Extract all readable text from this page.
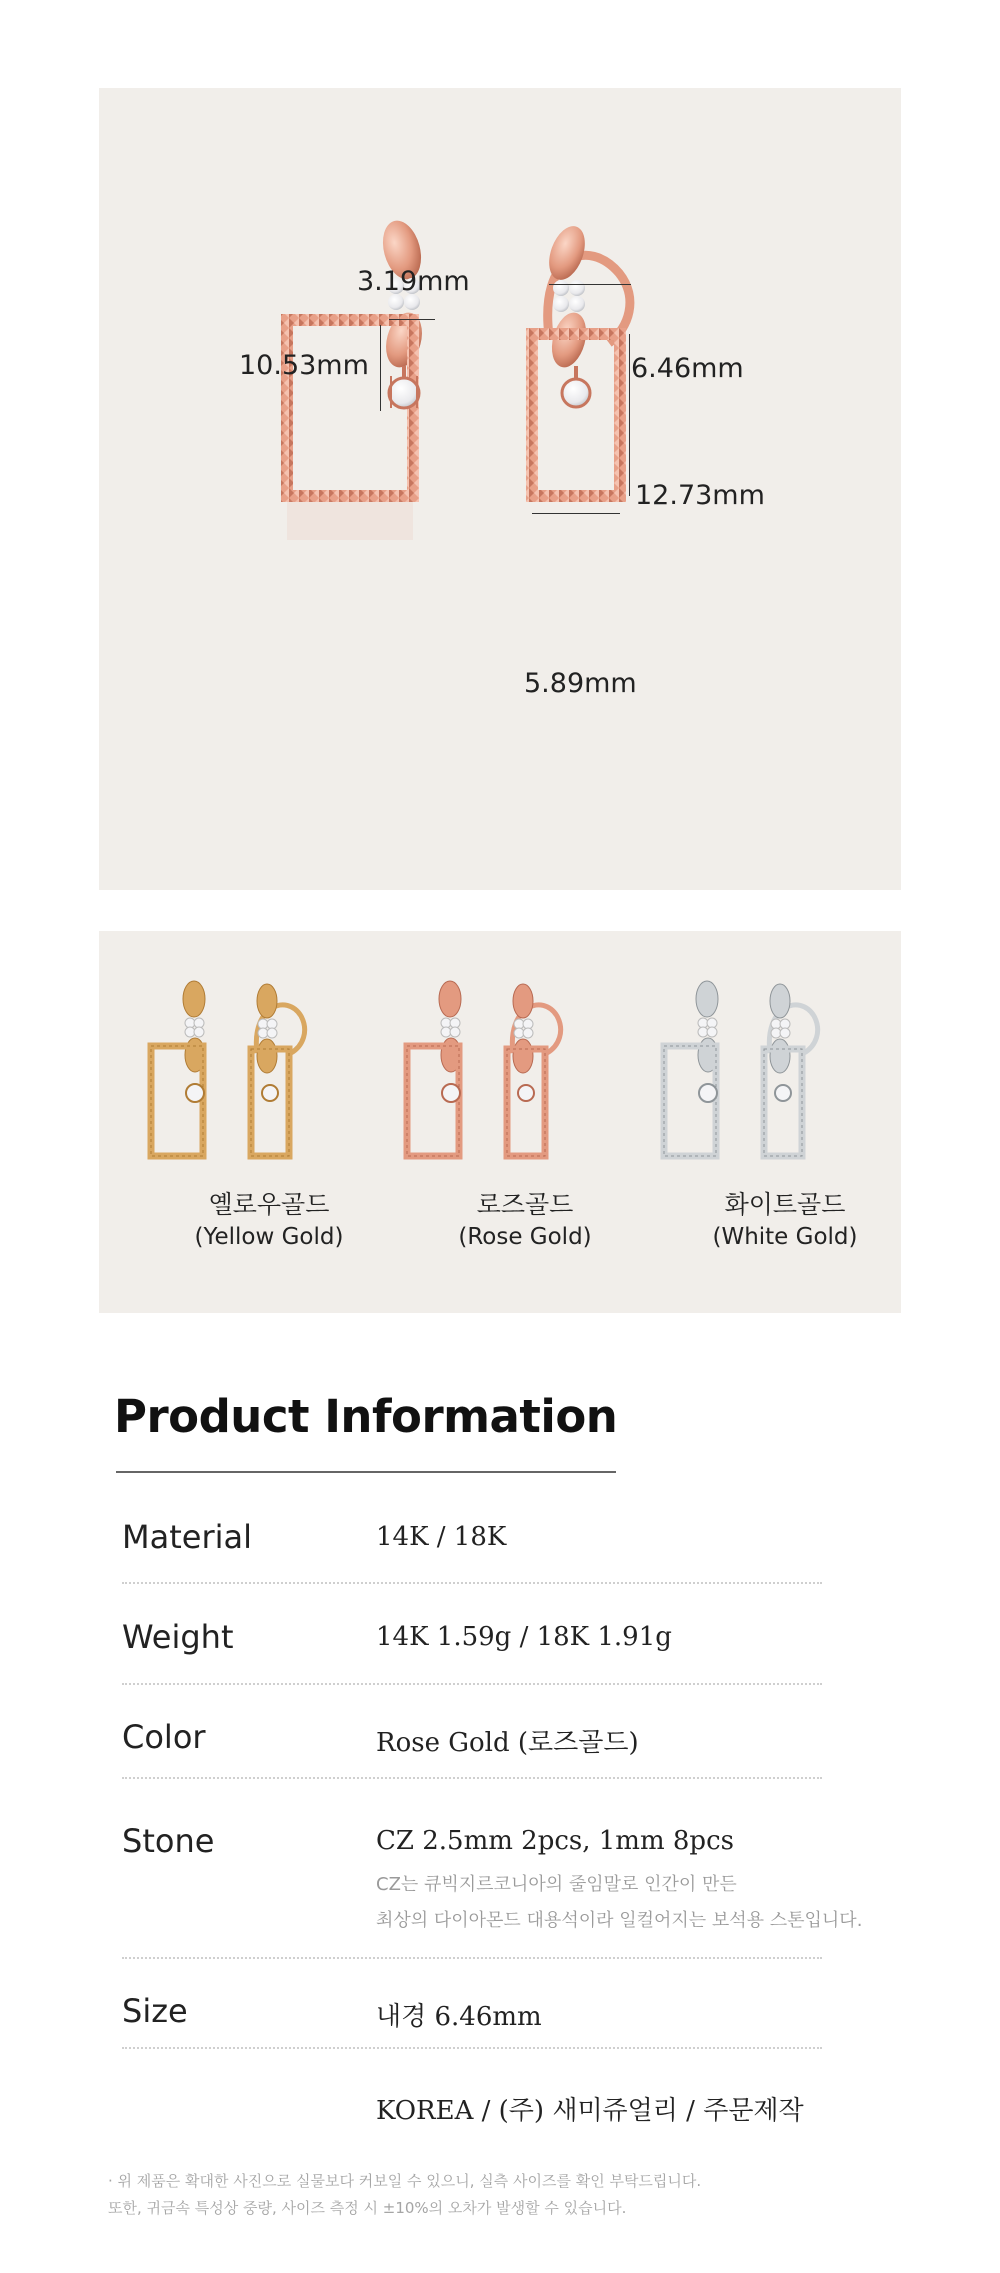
3.19mm
10.53mm	6.46mm
12.73mm
5.89mm
옐로우골드
(Yellow Gold)
로즈골드
(Rose Gold)
화이트골드
(White Gold)
Product Information
Material	14K / 18K
Weight	14K 1.59g / 18K 1.91g
Color	Rose Gold (로즈골드)
Stone	CZ 2.5mm 2pcs, 1mm 8pcs
CZ는 큐빅지르코니아의 줄임말로 인간이 만든
최상의 다이아몬드 대용석이라 일컬어지는 보석용 스톤입니다.
Size	내경 6.46mm
KOREA / (주) 새미쥬얼리 / 주문제작
· 위 제품은 확대한 사진으로 실물보다 커보일 수 있으니, 실측 사이즈를 확인 부탁드립니다.
또한, 귀금속 특성상 중량, 사이즈 측정 시 ±10%의 오차가 발생할 수 있습니다.
